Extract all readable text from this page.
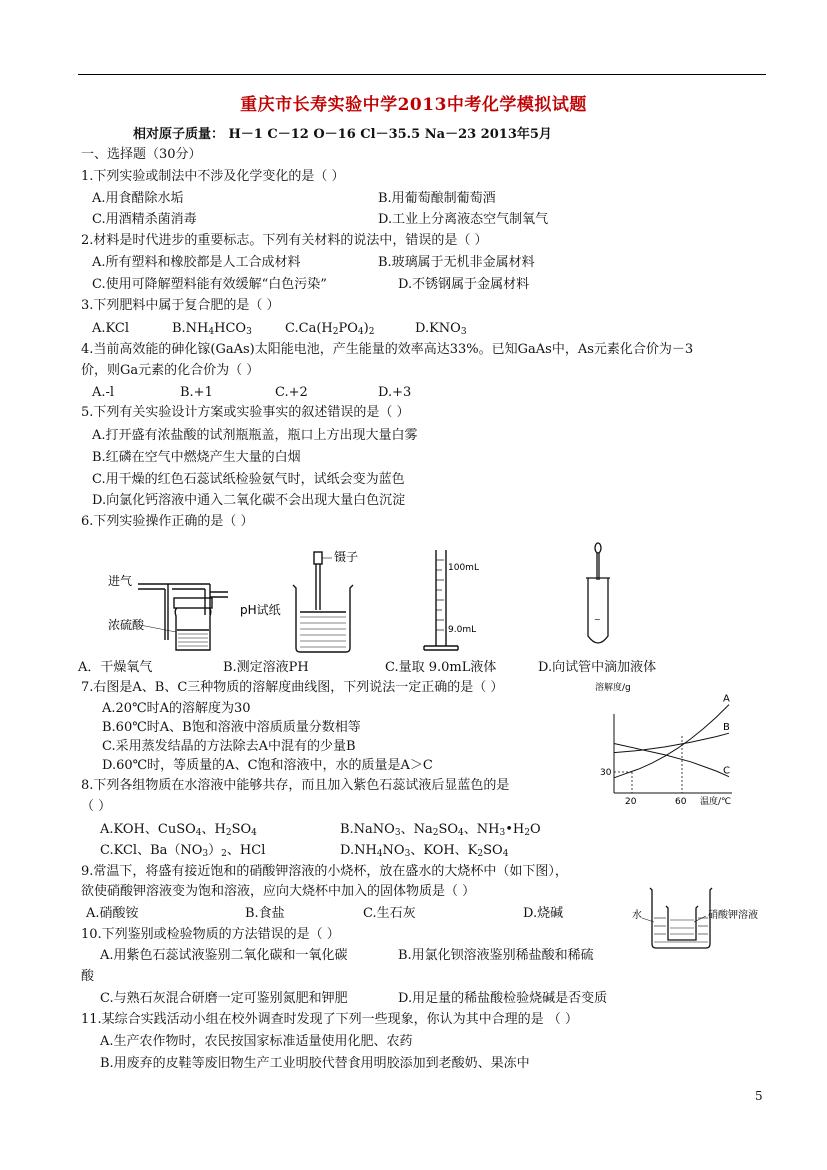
重庆市长寿实验中学2013中考化学模拟试题
相对原子质量： H－1 C－12 O－16 Cl－35.5 Na－23 2013年5月
一、选择题（30分）
1.下列实验或制法中不涉及化学变化的是（ ）
A.用食醋除水垢	B.用葡萄酿制葡萄酒
C.用酒精杀菌消毒	D.工业上分离液态空气制氧气
2.材料是时代进步的重要标志。下列有关材料的说法中，错误的是（ ）
A.所有塑料和橡胶都是人工合成材料	B.玻璃属于无机非金属材料
C.使用可降解塑料能有效缓解“白色污染”	D.不锈钢属于金属材料
3.下列肥料中属于复合肥的是（ ）
A.KCl	$B.NH_4HCO_3$	$C.Ca(H_2PO_4)_2$	$D.KNO_3$
4.当前高效能的砷化镓(GaAs)太阳能电池，产生能量的效率高达33%。已知GaAs中，As元素化合价为－3
价，则Ga元素的化合价为（ ）
A.-l	B.+1	C.+2	D.+3
5.下列有关实验设计方案或实验事实的叙述错误的是（ ）
A.打开盛有浓盐酸的试剂瓶瓶盖，瓶口上方出现大量白雾
B.红磷在空气中燃烧产生大量的白烟
C.用干燥的红色石蕊试纸检验氨气时，试纸会变为蓝色
D.向氯化钙溶液中通入二氧化碳不会出现大量白色沉淀
6.下列实验操作正确的是（ ）
进气
浓硫酸
镊子
pH试纸
100mL
9.0mL
~
A．干燥氧气	B.测定溶液PH	C.量取 9.0mL液体	D.向试管中滴加液体
7.右图是A、B、C三种物质的溶解度曲线图，下列说法一定正确的是（ ）
A.20℃时A的溶解度为30
B.60℃时A、B饱和溶液中溶质质量分数相等
C.采用蒸发结晶的方法除去A中混有的少量B
D.60℃时，等质量的A、C饱和溶液中，水的质量是A＞C
溶解度/g
温度/℃
20	60
30
A
B
C
8.下列各组物质在水溶液中能够共存，而且加入紫色石蕊试液后显蓝色的是
（ ）
A.KOH、CuSO$_4$、$H_2SO_4$	B.NaNO$_3$、$Na_2SO_4$、$NH_3•H_2O$
C.KCl、$Ba(NO_3)_2$、HCl	$D.NH_4NO_3$、KOH、$K_2SO_4$
9.常温下，将盛有接近饱和的硝酸钾溶液的小烧杯，放在盛水的大烧杯中（如下图），
欲使硝酸钾溶液变为饱和溶液，应向大烧杯中加入的固体物质是（ ）
A.硝酸铵	B.食盐	C.生石灰	D.烧碱	水	硝酸钾溶液
10.下列鉴别或检验物质的方法错误的是（ ）
A.用紫色石蕊试液鉴别二氧化碳和一氧化碳	B.用氯化钡溶液鉴别稀盐酸和稀硫
酸
C.与熟石灰混合研磨一定可鉴别氮肥和钾肥	D.用足量的稀盐酸检验烧碱是否变质
11.某综合实践活动小组在校外调查时发现了下列一些现象，你认为其中合理的是 （ ）
A.生产农作物时，农民按国家标准适量使用化肥、农药
B.用废弃的皮鞋等废旧物生产工业明胶代替食用明胶添加到老酸奶、果冻中
5
